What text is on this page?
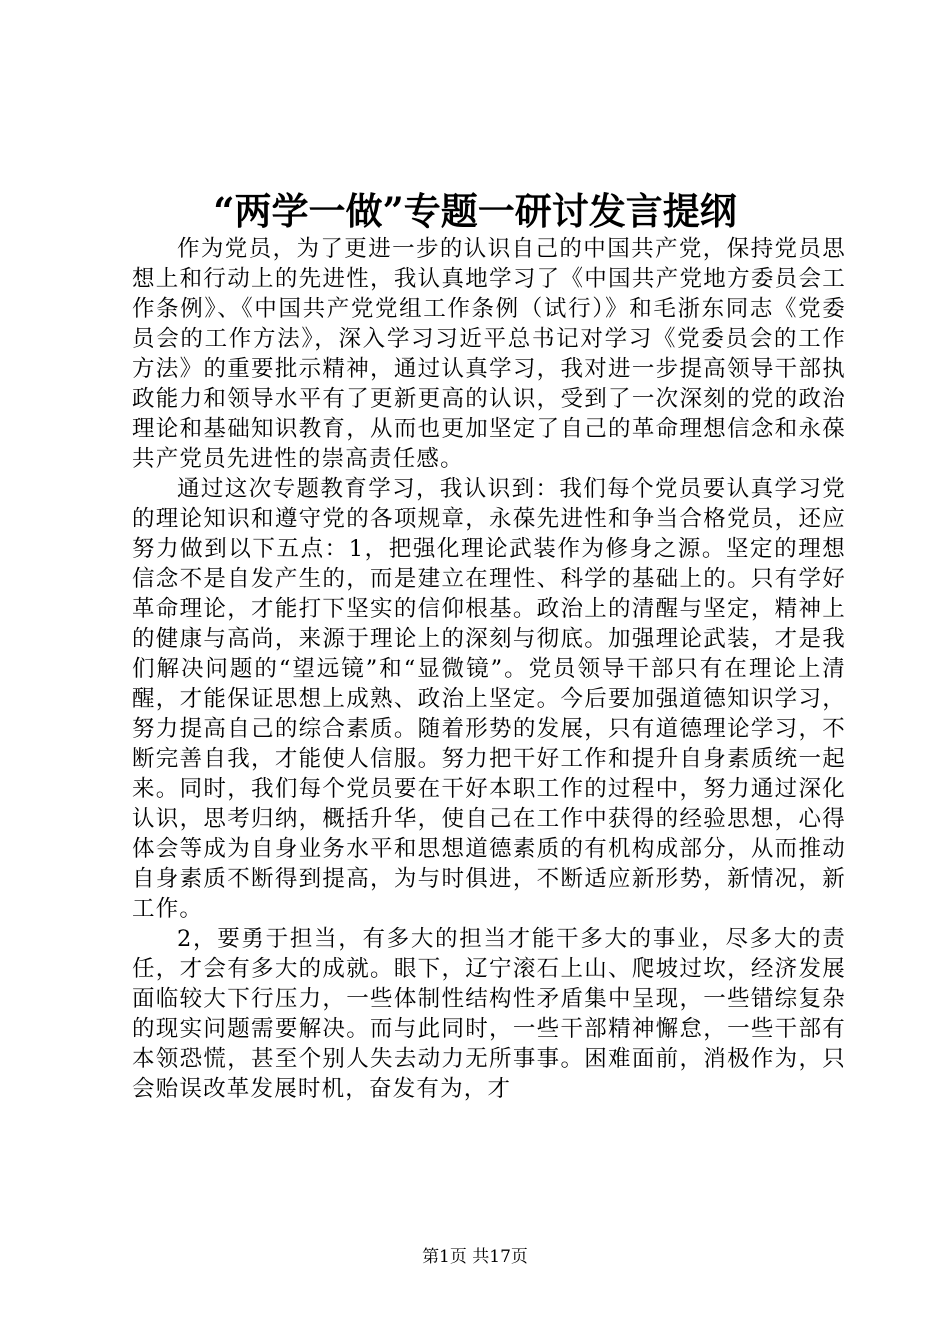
“两学一做”专题一研讨发言提纲

作为党员，为了更进一步的认识自己的中国共产党，保持党员思想上和行动上的先进性，我认真地学习了《中国共产党地方委员会工作条例》、《中国共产党党组工作条例（试行）》和毛浙东同志《党委员会的工作方法》，深入学习习近平总书记对学习《党委员会的工作方法》的重要批示精神，通过认真学习，我对进一步提高领导干部执政能力和领导水平有了更新更高的认识，受到了一次深刻的党的政治理论和基础知识教育，从而也更加坚定了自己的革命理想信念和永葆共产党员先进性的崇高责任感。

通过这次专题教育学习，我认识到：我们每个党员要认真学习党的理论知识和遵守党的各项规章，永葆先进性和争当合格党员，还应努力做到以下五点：1，把强化理论武装作为修身之源。坚定的理想信念不是自发产生的，而是建立在理性、科学的基础上的。只有学好革命理论，才能打下坚实的信仰根基。政治上的清醒与坚定，精神上的健康与高尚，来源于理论上的深刻与彻底。加强理论武装，才是我们解决问题的“望远镜”和“显微镜”。党员领导干部只有在理论上清醒，才能保证思想上成熟、政治上坚定。今后要加强道德知识学习，努力提高自己的综合素质。随着形势的发展，只有道德理论学习，不断完善自我，才能使人信服。努力把干好工作和提升自身素质统一起来。同时，我们每个党员要在干好本职工作的过程中，努力通过深化认识，思考归纳，概括升华，使自己在工作中获得的经验思想，心得体会等成为自身业务水平和思想道德素质的有机构成部分，从而推动自身素质不断得到提高，为与时俱进，不断适应新形势，新情况，新工作。

2，要勇于担当，有多大的担当才能干多大的事业，尽多大的责任，才会有多大的成就。眼下，辽宁滚石上山、爬坡过坎，经济发展面临较大下行压力，一些体制性结构性矛盾集中呈现，一些错综复杂的现实问题需要解决。而与此同时，一些干部精神懈怠，一些干部有本领恐慌，甚至个别人失去动力无所事事。困难面前，消极作为，只会贻误改革发展时机，奋发有为，才

第1页 共17页
